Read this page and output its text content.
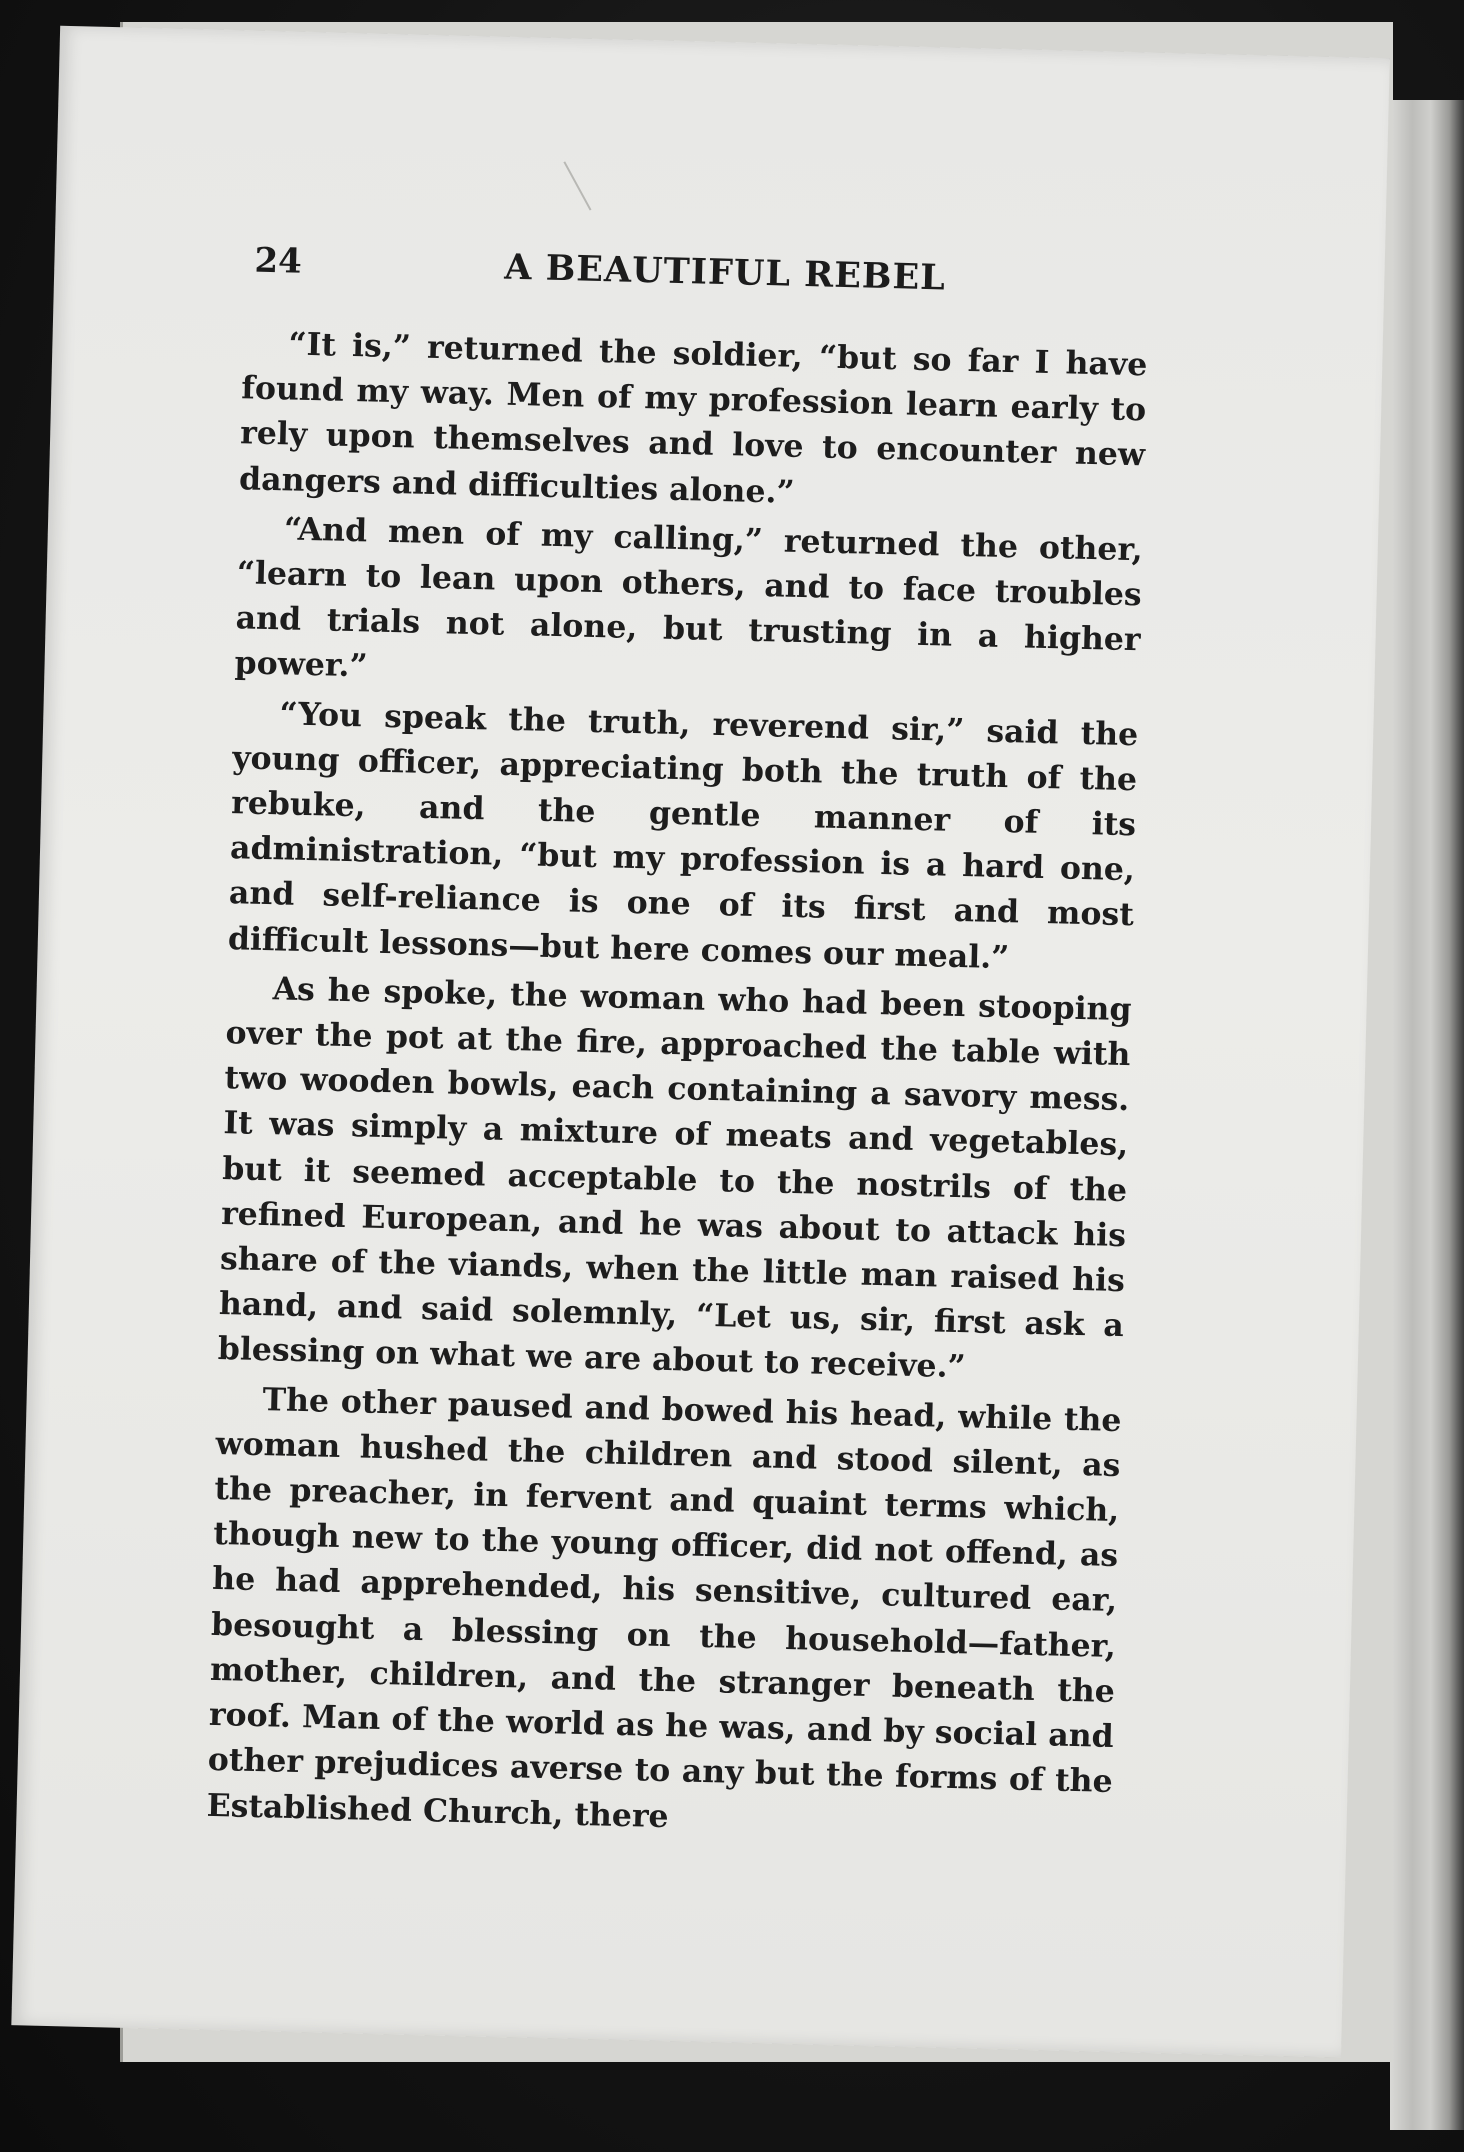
24	A BEAUTIFUL REBEL

“It is,” returned the soldier, “but so far I have found my way. Men of my profession learn early to rely upon themselves and love to encounter new dangers and difficulties alone.”

“And men of my calling,” returned the other, “learn to lean upon others, and to face troubles and trials not alone, but trusting in a higher power.”

“You speak the truth, reverend sir,” said the young officer, appreciating both the truth of the rebuke, and the gentle manner of its administration, “but my profession is a hard one, and self-reliance is one of its first and most difficult lessons—but here comes our meal.”

As he spoke, the woman who had been stooping over the pot at the fire, approached the table with two wooden bowls, each containing a savory mess. It was simply a mixture of meats and vegetables, but it seemed acceptable to the nostrils of the refined European, and he was about to attack his share of the viands, when the little man raised his hand, and said solemnly, “Let us, sir, first ask a blessing on what we are about to receive.”

The other paused and bowed his head, while the woman hushed the children and stood silent, as the preacher, in fervent and quaint terms which, though new to the young officer, did not offend, as he had apprehended, his sensitive, cultured ear, besought a blessing on the household—father, mother, children, and the stranger beneath the roof. Man of the world as he was, and by social and other prejudices averse to any but the forms of the Established Church, there
